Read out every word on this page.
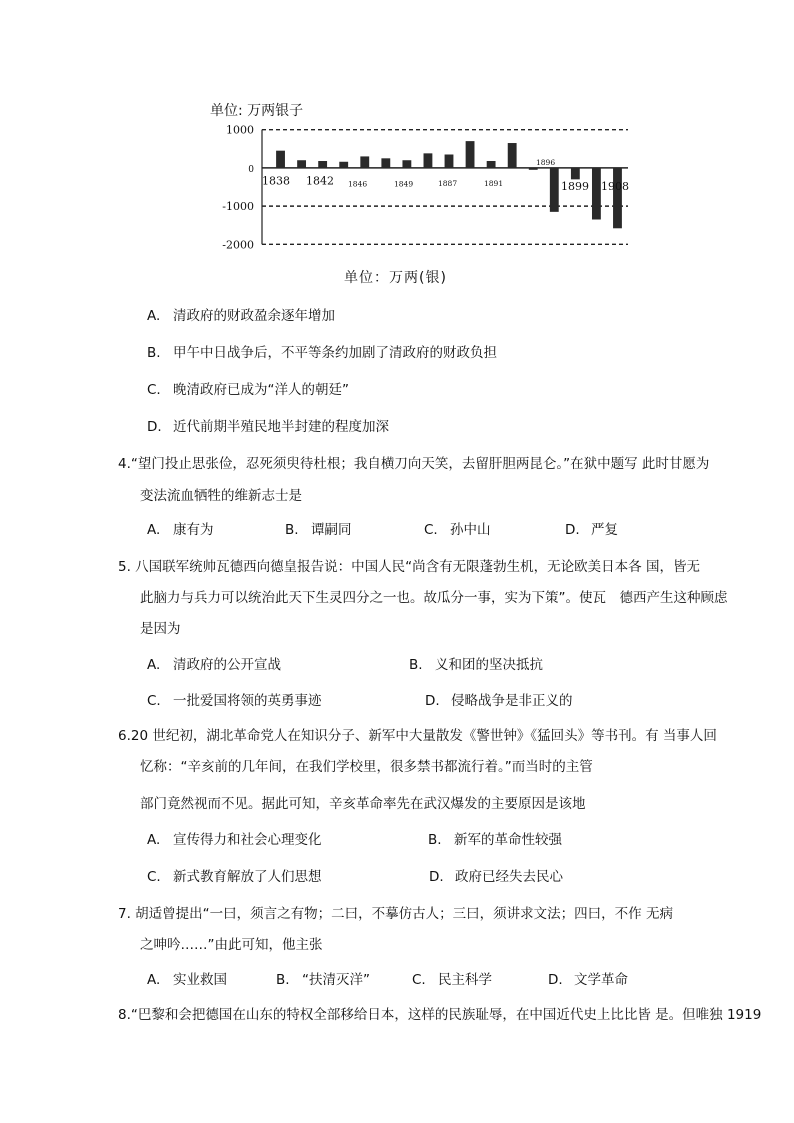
单位: 万两银子
1000
0
-1000
-2000
1838 1842 1846	1849	1887	1891
1896
1899 1908
单位：万两(银)
A. 清政府的财政盈余逐年增加
B. 甲午中日战争后，不平等条约加剧了清政府的财政负担
C. 晚清政府已成为“洋人的朝廷”
D. 近代前期半殖民地半封建的程度加深
4.“望门投止思张俭，忍死须臾待杜根；我自横刀向天笑，去留肝胆两昆仑。”在狱中题写 此时甘愿为
变法流血牺牲的维新志士是
A. 康有为	B. 谭嗣同	C. 孙中山	D. 严复
5. 八国联军统帅瓦德西向德皇报告说：中国人民“尚含有无限蓬勃生机，无论欧美日本各 国，皆无
此脑力与兵力可以统治此天下生灵四分之一也。故瓜分一事，实为下策”。使瓦　德西产生这种顾虑
是因为
A. 清政府的公开宣战	B. 义和团的坚决抵抗
C. 一批爱国将领的英勇事迹	D. 侵略战争是非正义的
6.20 世纪初，湖北革命党人在知识分子、新军中大量散发《警世钟》《猛回头》等书刊。有 当事人回
忆称：“辛亥前的几年间，在我们学校里，很多禁书都流行着。”而当时的主管
部门竟然视而不见。据此可知，辛亥革命率先在武汉爆发的主要原因是该地
A. 宣传得力和社会心理变化	B. 新军的革命性较强
C. 新式教育解放了人们思想	D. 政府已经失去民心
7. 胡适曾提出“一曰，须言之有物；二曰，不摹仿古人；三曰，须讲求文法；四曰，不作 无病
之呻吟……”由此可知，他主张
A. 实业救国	B. “扶清灭洋”	C. 民主科学	D. 文学革命
8.“巴黎和会把德国在山东的特权全部移给日本，这样的民族耻辱，在中国近代史上比比皆 是。但唯独 1919
